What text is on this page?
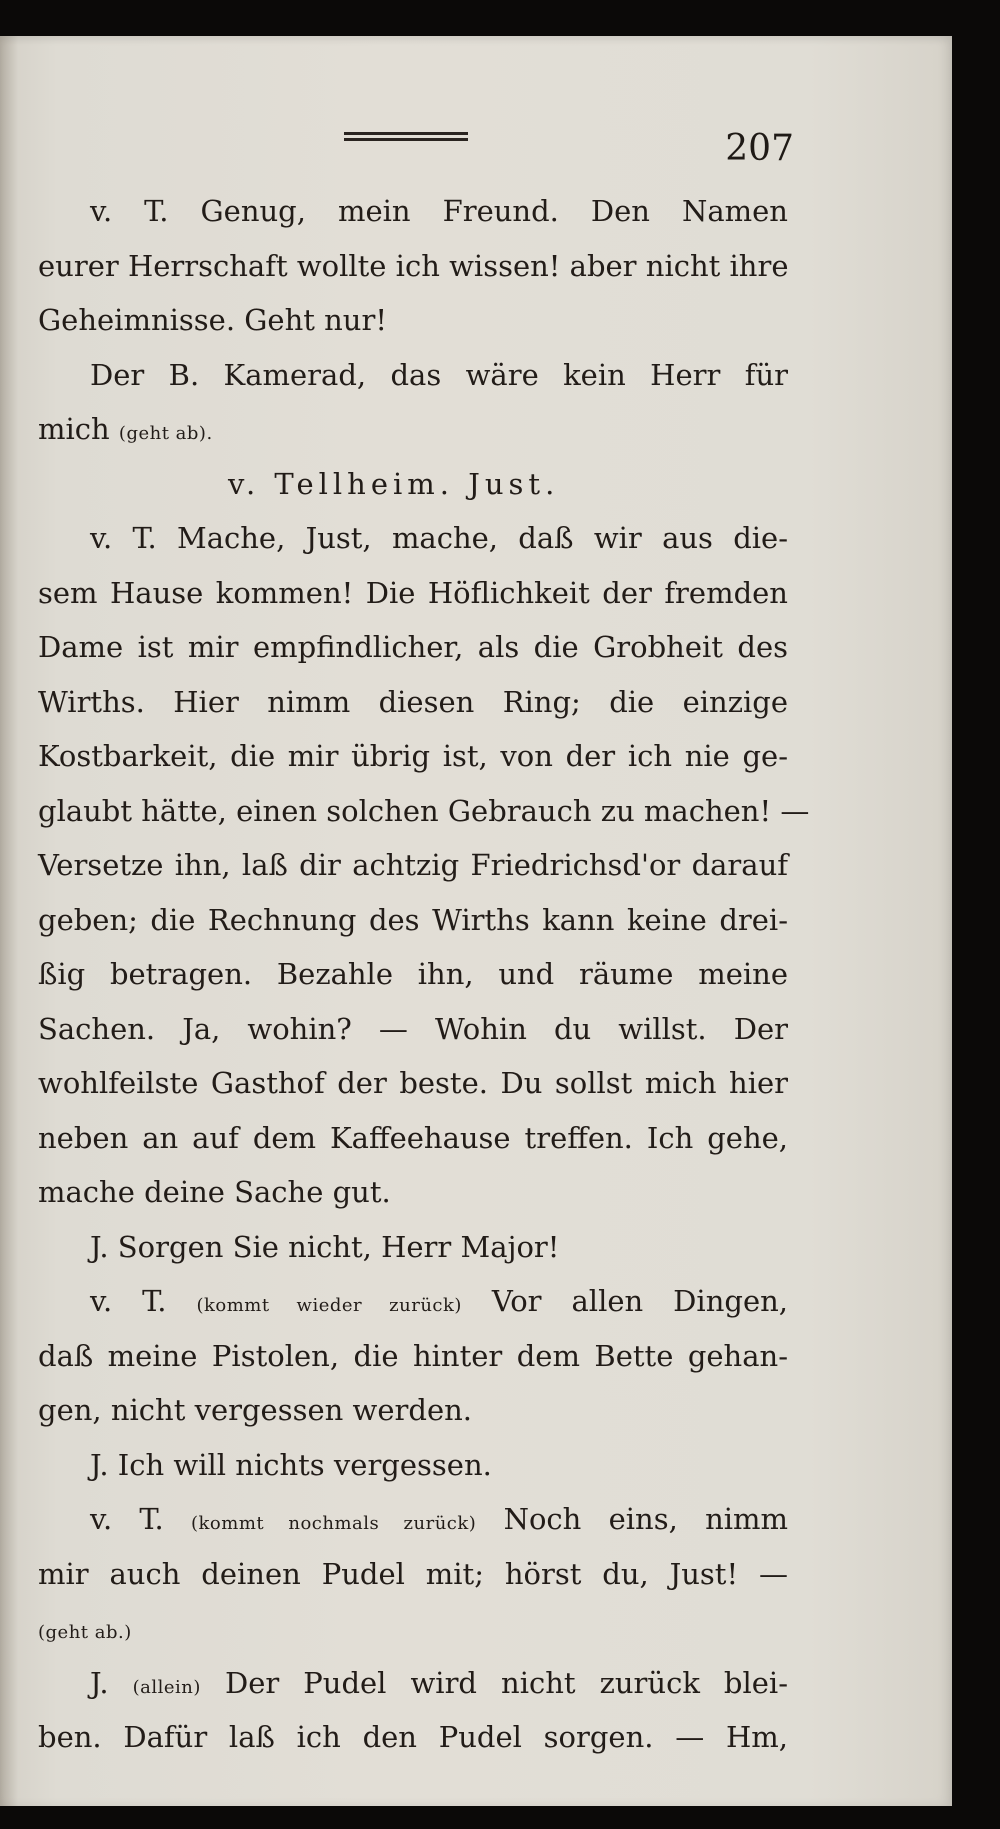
207
v. T. Genug, mein Freund. Den Namen
eurer Herrschaft wollte ich wissen! aber nicht ihre
Geheimnisse. Geht nur!
Der B. Kamerad, das wäre kein Herr für
mich (geht ab).
v. Tellheim. Just.
v. T. Mache, Just, mache, daß wir aus die-
sem Hause kommen! Die Höflichkeit der fremden
Dame ist mir empfindlicher, als die Grobheit des
Wirths. Hier nimm diesen Ring; die einzige
Kostbarkeit, die mir übrig ist, von der ich nie ge-
glaubt hätte, einen solchen Gebrauch zu machen! —
Versetze ihn, laß dir achtzig Friedrichsd'or darauf
geben; die Rechnung des Wirths kann keine drei-
ßig betragen. Bezahle ihn, und räume meine
Sachen. Ja, wohin? — Wohin du willst. Der
wohlfeilste Gasthof der beste. Du sollst mich hier
neben an auf dem Kaffeehause treffen. Ich gehe,
mache deine Sache gut.
J. Sorgen Sie nicht, Herr Major!
v. T. (kommt wieder zurück) Vor allen Dingen,
daß meine Pistolen, die hinter dem Bette gehan-
gen, nicht vergessen werden.
J. Ich will nichts vergessen.
v. T. (kommt nochmals zurück) Noch eins, nimm
mir auch deinen Pudel mit; hörst du, Just! —
(geht ab.)
J. (allein) Der Pudel wird nicht zurück blei-
ben. Dafür laß ich den Pudel sorgen. — Hm,
